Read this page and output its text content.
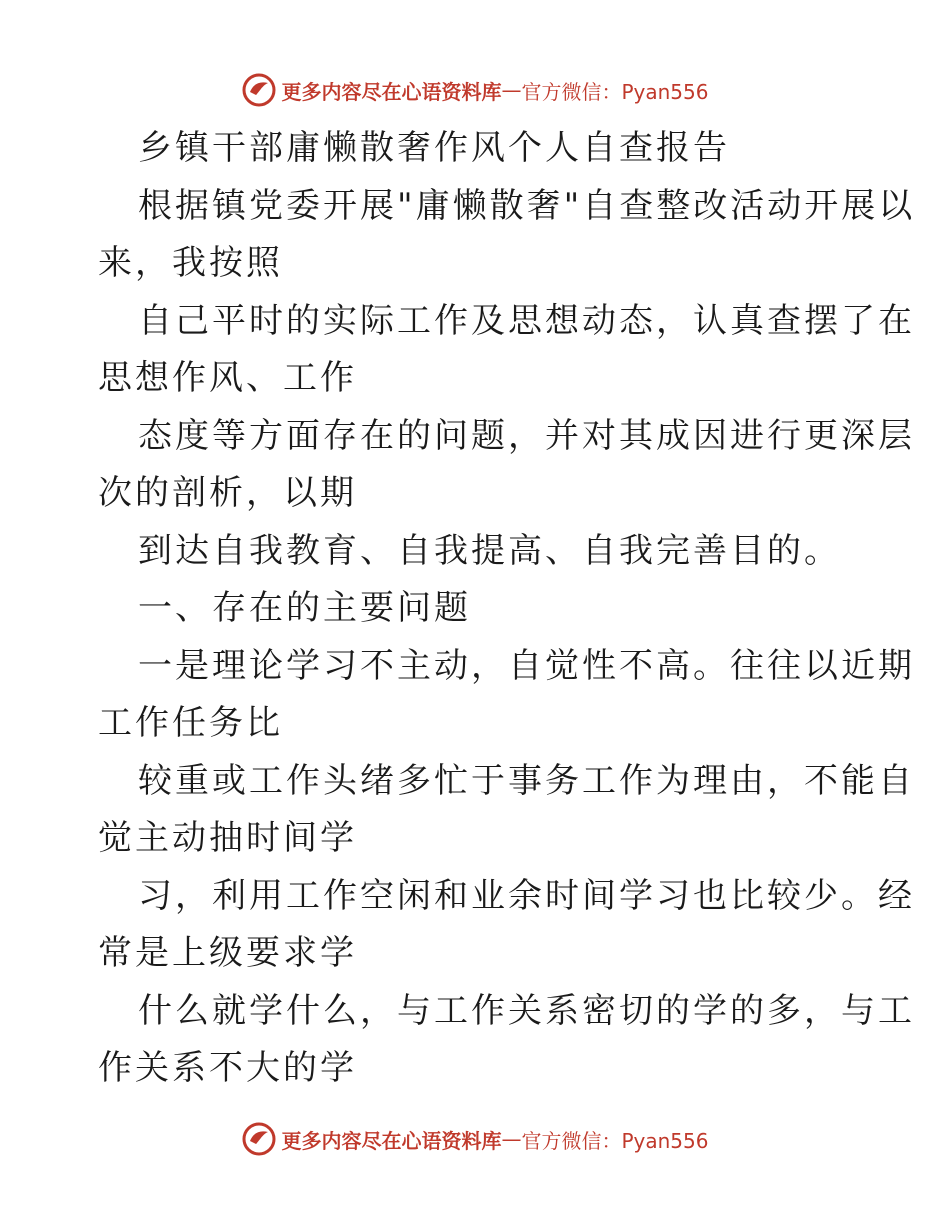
更多内容尽在心语资料库 — 官方微信：Pyan556
乡镇干部庸懒散奢作风个人自查报告
根据镇党委开展"庸懒散奢"自查整改活动开展以
来，我按照
自己平时的实际工作及思想动态，认真查摆了在
思想作风、工作
态度等方面存在的问题，并对其成因进行更深层
次的剖析，以期
到达自我教育、自我提高、自我完善目的。
一、存在的主要问题
一是理论学习不主动，自觉性不高。往往以近期
工作任务比
较重或工作头绪多忙于事务工作为理由，不能自
觉主动抽时间学
习，利用工作空闲和业余时间学习也比较少。经
常是上级要求学
什么就学什么，与工作关系密切的学的多，与工
作关系不大的学
更多内容尽在心语资料库 — 官方微信：Pyan556
